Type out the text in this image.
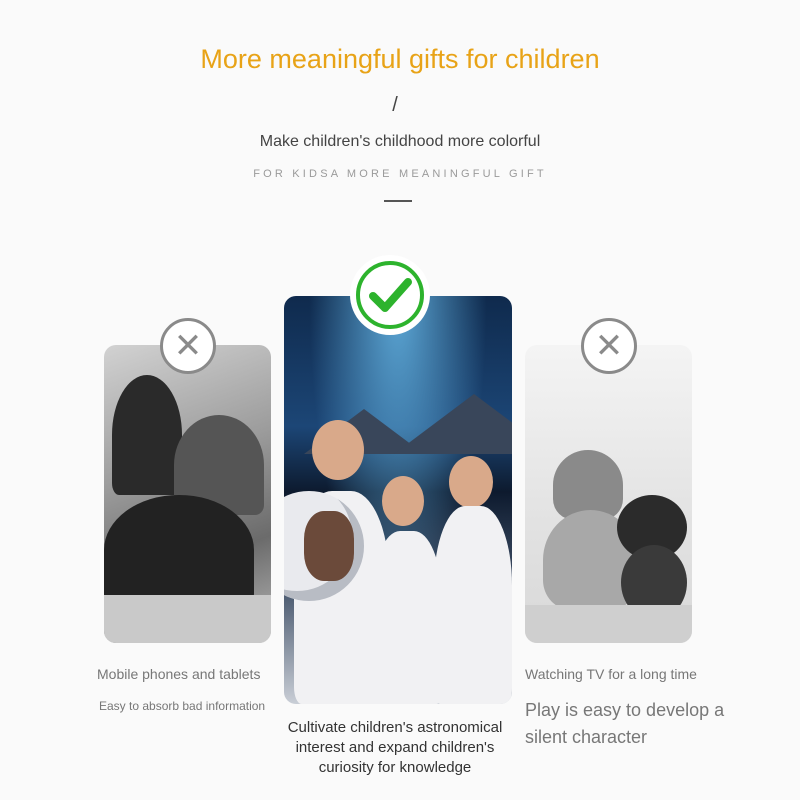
More meaningful gifts for children
/
Make children's childhood more colorful
FOR KIDSA MORE MEANINGFUL GIFT
✕	✕
Mobile phones and tablets
Easy to absorb bad information
Watching TV for a long time
Play is easy to develop a silent character
Cultivate children's astronomical interest and expand children's curiosity for knowledge
